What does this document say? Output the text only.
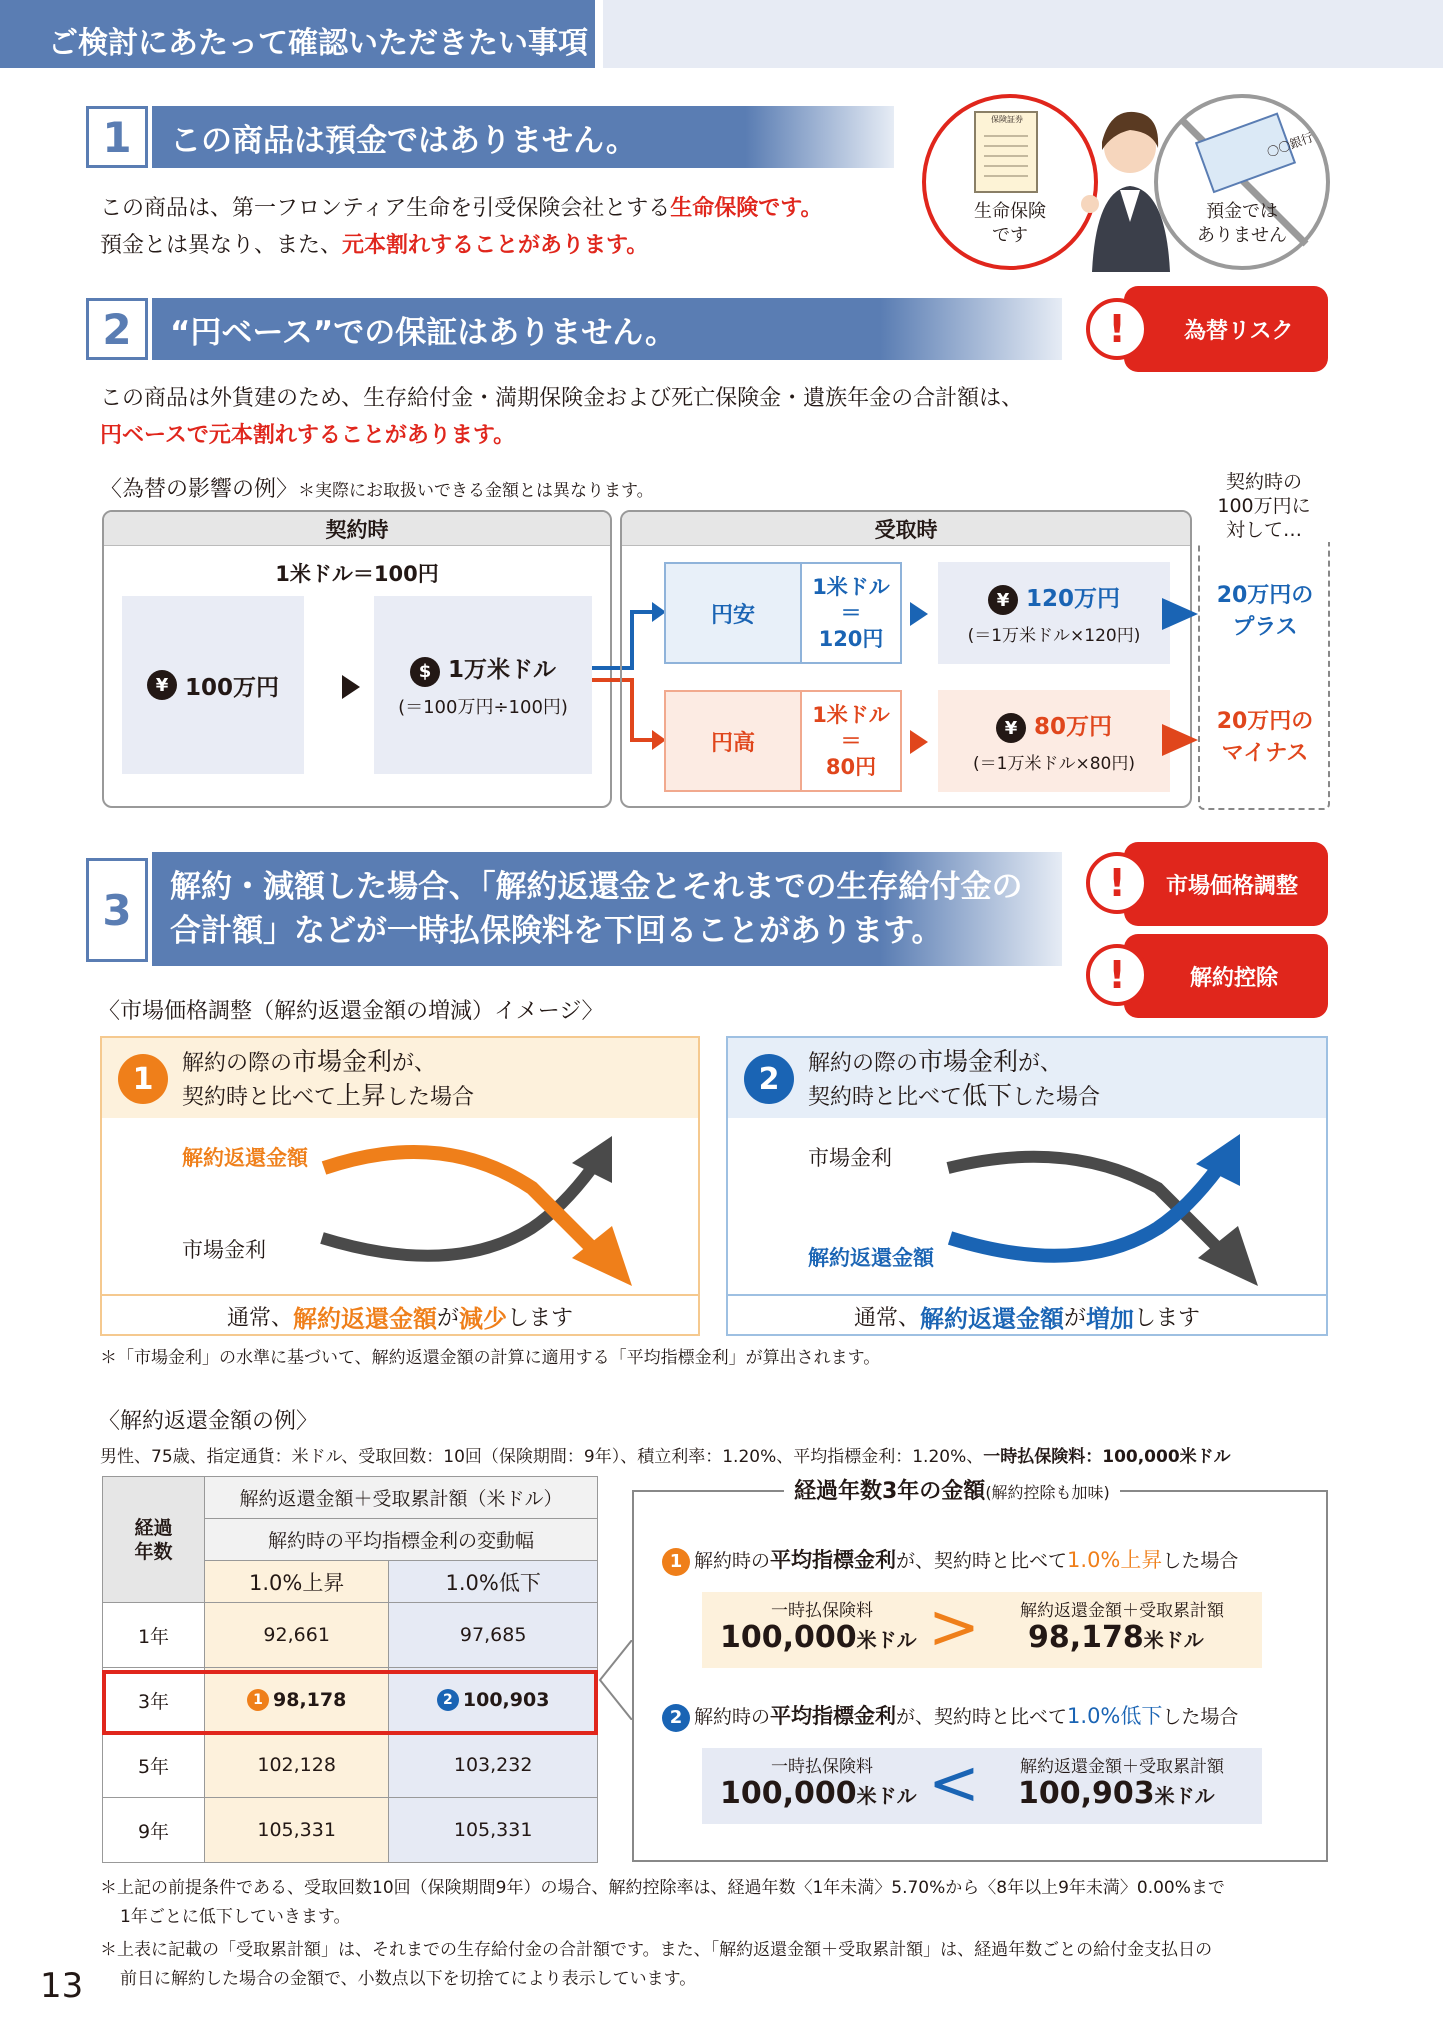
ご検討にあたって確認いただきたい事項
1	この商品は預金ではありません。
この商品は、第一フロンティア生命を引受保険会社とする生命保険です。
預金とは異なり、また、元本割れすることがあります。
保険証券
〇〇銀行
生命保険
です
預金では
ありません
2	“円ベース”での保証はありません。	為替リスク
!
この商品は外貨建のため、生存給付金・満期保険金および死亡保険金・遺族年金の合計額は、
円ベースで元本割れすることがあります。
〈為替の影響の例〉＊実際にお取扱いできる金額とは異なります。
契約時
1米ドル＝100円
¥ 100万円
$ 1万米ドル
(＝100万円÷100円)
受取時
円安
1米ドル
＝
120円
¥ 120万円
(＝1万米ドル×120円)
円高
1米ドル
＝
80円
¥ 80万円
(＝1万米ドル×80円)
契約時の
100万円に
対して…
20万円の
プラス
20万円の
マイナス
3	解約・減額した場合、「解約返還金とそれまでの生存給付金の
合計額」などが一時払保険料を下回ることがあります。
市場価格調整
!
解約控除
!
〈市場価格調整（解約返還金額の増減）イメージ〉
1	解約の際の市場金利が、
契約時と比べて上昇した場合
解約返還金額
市場金利
通常、 解約返還金額 が 減少 します
2	解約の際の市場金利が、
契約時と比べて低下した場合
市場金利
解約返還金額
通常、 解約返還金額 が 増加 します
＊「市場金利」の水準に基づいて、解約返還金額の計算に適用する「平均指標金利」が算出されます。
〈解約返還金額の例〉
男性、75歳、指定通貨：米ドル、受取回数：10回（保険期間：9年）、積立利率：1.20%、平均指標金利：1.20%、一時払保険料：100,000米ドル
経過
年数	解約返還金額＋受取累計額（米ドル）	
	解約時の平均指標金利の変動幅	
	1.0%上昇	1.0%低下
1年	92,661	97,685
3年	1 98,178	2 100,903
5年	102,128	103,232
9年	105,331	105,331
経過年数3年の金額(解約控除も加味)
1 解約時の平均指標金利が、契約時と比べて1.0%上昇した場合
一時払保険料
100,000米ドル >	解約返還金額＋受取累計額
98,178米ドル
2 解約時の平均指標金利が、契約時と比べて1.0%低下した場合
一時払保険料
100,000米ドル <	解約返還金額＋受取累計額
100,903米ドル
＊上記の前提条件である、受取回数10回（保険期間9年）の場合、解約控除率は、経過年数〈1年未満〉5.70%から〈8年以上9年未満〉0.00%まで
1年ごとに低下していきます。
＊上表に記載の「受取累計額」は、それまでの生存給付金の合計額です。また、「解約返還金額＋受取累計額」は、経過年数ごとの給付金支払日の
前日に解約した場合の金額で、小数点以下を切捨てにより表示しています。
13
